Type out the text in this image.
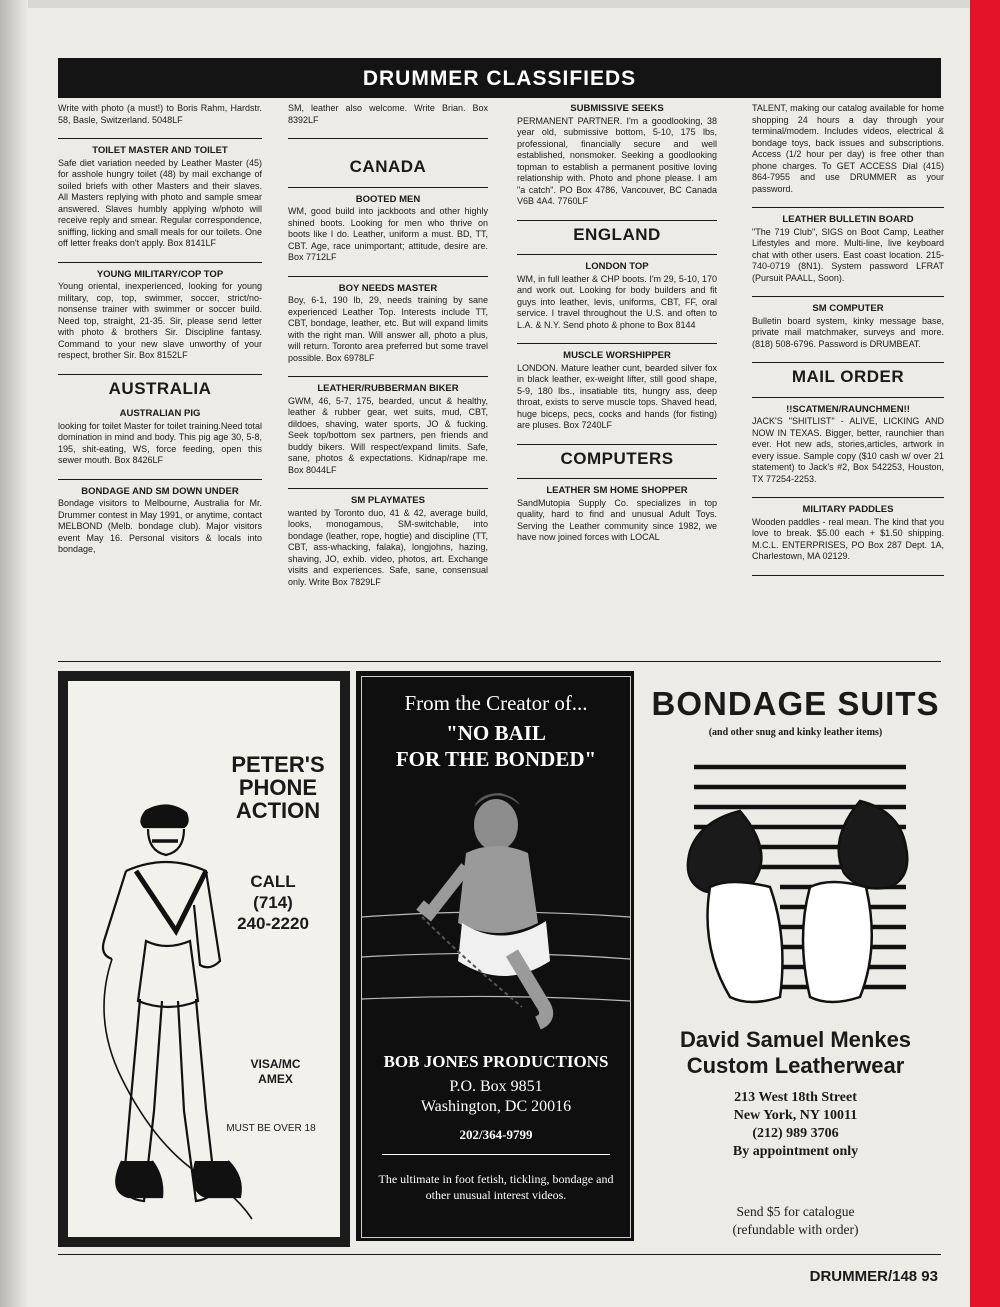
DRUMMER CLASSIFIEDS

Write with photo (a must!) to Boris Rahm, Hardstr. 58, Basle, Switzerland. 5048LF

TOILET MASTER AND TOILET

Safe diet variation needed by Leather Master (45) for asshole hungry toilet (48) by mail exchange of soiled briefs with other Masters and their slaves. All Masters replying with photo and sample smear answered. Slaves humbly applying w/photo will receive reply and smear. Regular correspondence, sniffing, licking and small meals for our toilets. One off letter freaks don't apply. Box 8141LF

YOUNG MILITARY/COP TOP

Young oriental, inexperienced, looking for young military, cop, top, swimmer, soccer, strict/no-nonsense trainer with swimmer or soccer build. Need top, straight, 21-35. Sir, please send letter with photo & brothers Sir. Discipline fantasy. Command to your new slave unworthy of your respect, brother Sir. Box 8152LF

AUSTRALIA
AUSTRALIAN PIG

looking for toilet Master for toilet training.Need total domination in mind and body. This pig age 30, 5-8, 195, shit-eating, WS, force feeding, open this sewer mouth. Box 8426LF

BONDAGE AND SM DOWN UNDER

Bondage visitors to Melbourne, Australia for Mr. Drummer contest in May 1991, or anytime, contact MELBOND (Melb. bondage club). Major visitors event May 16. Personal visitors & locals into bondage,

SM, leather also welcome. Write Brian. Box 8392LF

CANADA
BOOTED MEN

WM, good build into jackboots and other highly shined boots. Looking for men who thrive on boots like I do. Leather, uniform a must. BD, TT, CBT. Age, race unimportant; attitude, desire are. Box 7712LF

BOY NEEDS MASTER

Boy, 6-1, 190 lb, 29, needs training by sane experienced Leather Top. Interests include TT, CBT, bondage, leather, etc. But will expand limits with the right man. Will answer all, photo a plus, will return. Toronto area preferred but some travel possible. Box 6978LF

LEATHER/RUBBERMAN BIKER

GWM, 46, 5-7, 175, bearded, uncut & healthy, leather & rubber gear, wet suits, mud, CBT, dildoes, shaving, water sports, JO & fucking. Seek top/bottom sex partners, pen friends and buddy bikers. Will respect/expand limits. Safe, sane, photos & expectations. Kidnap/rape me. Box 8044LF

SM PLAYMATES

wanted by Toronto duo, 41 & 42, average build, looks, monogamous, SM-switchable, into bondage (leather, rope, hogtie) and discipline (TT, CBT, ass-whacking, falaka), longjohns, hazing, shaving, JO, exhib. video, photos, art. Exchange visits and experiences. Safe, sane, consensual only. Write Box 7829LF

SUBMISSIVE SEEKS

PERMANENT PARTNER. I'm a goodlooking, 38 year old, submissive bottom, 5-10, 175 lbs, professional, financially secure and well established, nonsmoker. Seeking a goodlooking topman to establish a permanent positive loving relationship with. Photo and phone please. I am "a catch". PO Box 4786, Vancouver, BC Canada V6B 4A4. 7760LF

ENGLAND
LONDON TOP

WM, in full leather & CHP boots. I'm 29, 5-10, 170 and work out. Looking for body builders and fit guys into leather, levis, uniforms, CBT, FF, oral service. I travel throughout the U.S. and often to L.A. & N.Y. Send photo & phone to Box 8144

MUSCLE WORSHIPPER

LONDON. Mature leather cunt, bearded silver fox in black leather, ex-weight lifter, still good shape, 5-9, 180 lbs., insatiable tits, hungry ass, deep throat, exists to serve muscle tops. Shaved head, huge biceps, pecs, cocks and hands (for fisting) are pluses. Box 7240LF

COMPUTERS
LEATHER SM HOME SHOPPER

SandMutopia Supply Co. specializes in top quality, hard to find and unusual Adult Toys. Serving the Leather community since 1982, we have now joined forces with LOCAL

TALENT, making our catalog available for home shopping 24 hours a day through your terminal/modem. Includes videos, electrical & bondage toys, back issues and subscriptions. Access (1/2 hour per day) is free other than phone charges. To GET ACCESS Dial (415) 864-7955 and use DRUMMER as your password.

LEATHER BULLETIN BOARD

"The 719 Club", SIGS on Boot Camp, Leather Lifestyles and more. Multi-line, live keyboard chat with other users. East coast location. 215-740-0719 (8N1). System password LFRAT (Pursuit PAALL, Soon).

SM COMPUTER

Bulletin board system, kinky message base, private mail matchmaker, surveys and more. (818) 508-6796. Password is DRUMBEAT.

MAIL ORDER
!!SCATMEN/RAUNCHMEN!!

JACK'S "SHITLIST" - ALIVE, LICKING AND NOW IN TEXAS. Bigger, better, raunchier than ever. Hot new ads, stories,articles, artwork in every issue. Sample copy ($10 cash w/ over 21 statement) to Jack's #2, Box 542253, Houston, TX 77254-2253.

MILITARY PADDLES

Wooden paddles - real mean. The kind that you love to break. $5.00 each + $1.50 shipping. M.C.L. ENTERPRISES, PO Box 287 Dept. 1A, Charlestown, MA 02129.

PETER'S PHONE ACTION
CALL
(714)
240-2220
VISA/MC
AMEX
MUST BE OVER 18
From the Creator of...
"NO BAIL
FOR THE BONDED"
BOB JONES PRODUCTIONS
P.O. Box 9851
Washington, DC 20016
202/364-9799
The ultimate in foot fetish, tickling, bondage and other unusual interest videos.
BONDAGE SUITS
(and other snug and kinky leather items)
David Samuel Menkes
Custom Leatherwear
213 West 18th Street
New York, NY 10011
(212) 989 3706
By appointment only
Send $5 for catalogue
(refundable with order)
DRUMMER/148 93
